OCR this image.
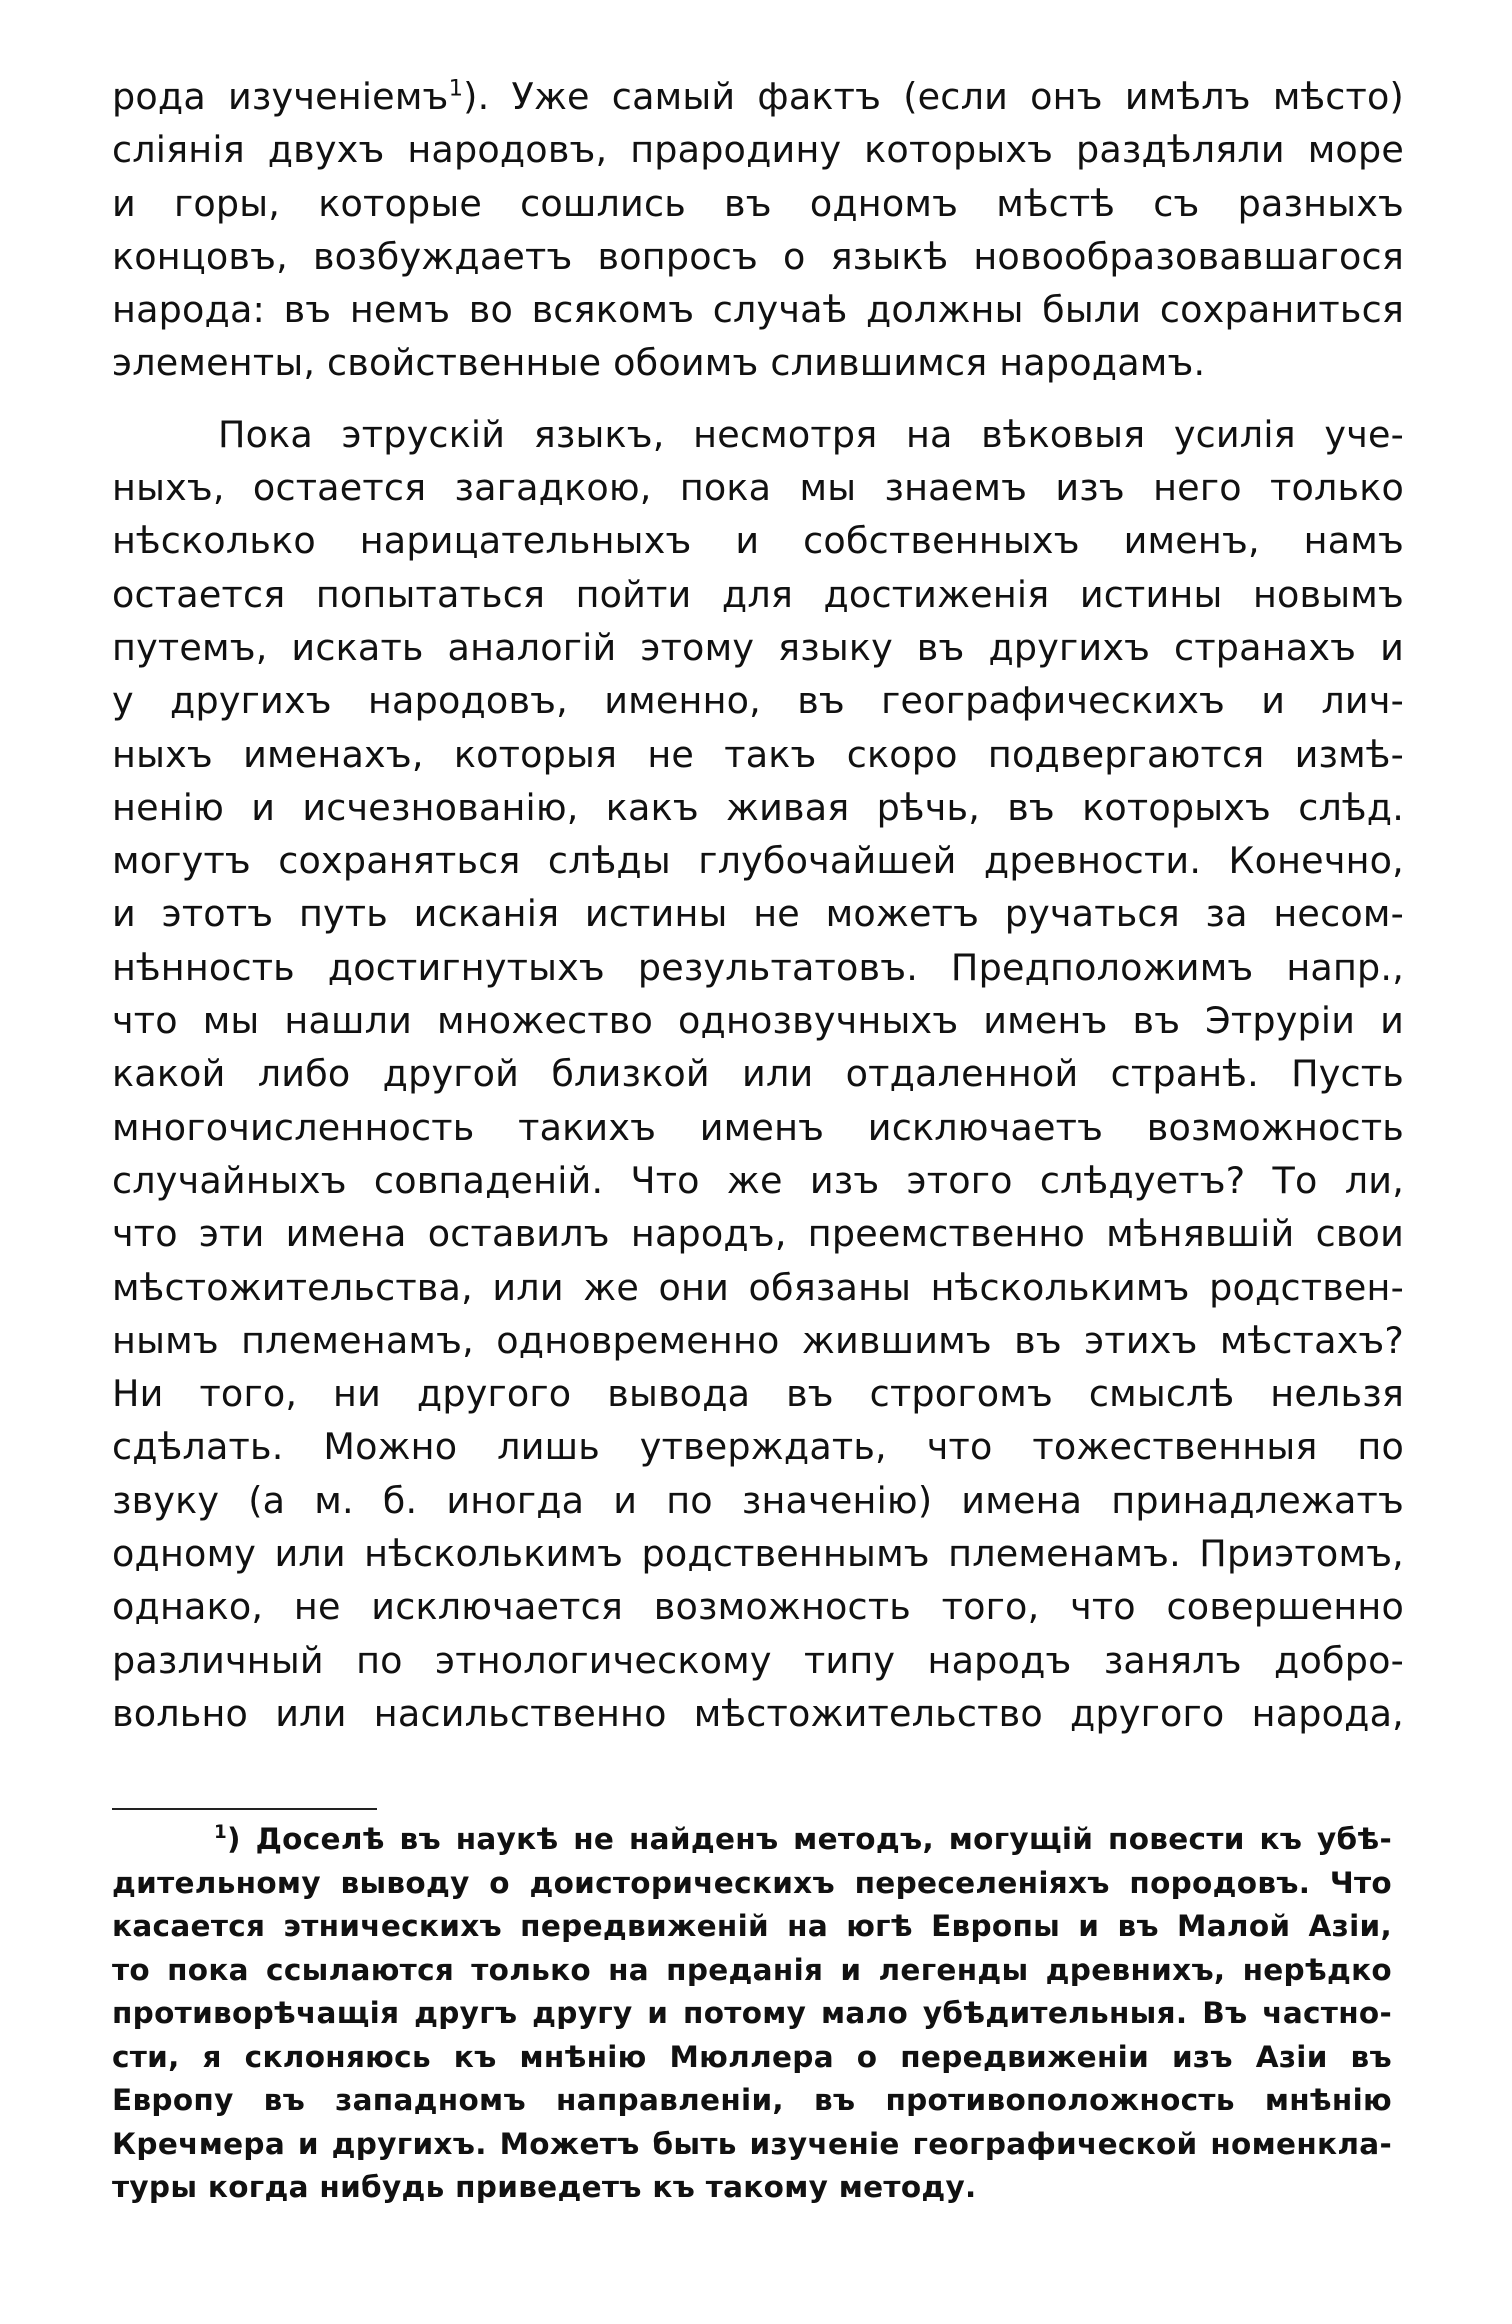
рода изученіемъ$^1$). Уже самый фактъ (если онъ имѣлъ мѣсто)
сліянія двухъ народовъ, прародину которыхъ раздѣляли море
и горы, которые сошлись въ одномъ мѣстѣ съ разныхъ
концовъ, возбуждаетъ вопросъ о языкѣ новообразовавшагося
народа: въ немъ во всякомъ случаѣ должны были сохраниться
элементы, свойственные обоимъ слившимся народамъ.
Пока этрускій языкъ, несмотря на вѣковыя усилія уче-
ныхъ, остается загадкою, пока мы знаемъ изъ него только
нѣсколько нарицательныхъ и собственныхъ именъ, намъ
остается попытаться пойти для достиженія истины новымъ
путемъ, искать аналогій этому языку въ другихъ странахъ и
у другихъ народовъ, именно, въ географическихъ и лич-
ныхъ именахъ, которыя не такъ скоро подвергаются измѣ-
ненію и исчезнованію, какъ живая рѣчь, въ которыхъ слѣд.
могутъ сохраняться слѣды глубочайшей древности. Конечно,
и этотъ путь исканія истины не можетъ ручаться за несом-
нѣнность достигнутыхъ результатовъ. Предположимъ напр.,
что мы нашли множество однозвучныхъ именъ въ Этруріи и
какой либо другой близкой или отдаленной странѣ. Пусть
многочисленность такихъ именъ исключаетъ возможность
случайныхъ совпаденій. Что же изъ этого слѣдуетъ? То ли,
что эти имена оставилъ народъ, преемственно мѣнявшій свои
мѣстожительства, или же они обязаны нѣсколькимъ родствен-
нымъ племенамъ, одновременно жившимъ въ этихъ мѣстахъ?
Ни того, ни другого вывода въ строгомъ смыслѣ нельзя
сдѣлать. Можно лишь утверждать, что тожественныя по
звуку (а м. б. иногда и по значенію) имена принадлежатъ
одному или нѣсколькимъ родственнымъ племенамъ. Приэтомъ,
однако, не исключается возможность того, что совершенно
различный по этнологическому типу народъ занялъ добро-
вольно или насильственно мѣстожительство другого народа,
$^1$) Доселѣ въ наукѣ не найденъ методъ, могущій повести къ убѣ-
дительному выводу о доисторическихъ переселеніяхъ породовъ. Что
касается этническихъ передвиженій на югѣ Европы и въ Малой Азіи,
то пока ссылаются только на преданія и легенды древнихъ, нерѣдко
противорѣчащія другъ другу и потому мало убѣдительныя. Въ частно-
сти, я склоняюсь къ мнѣнію Мюллера о передвиженіи изъ Азіи въ
Европу въ западномъ направленіи, въ противоположность мнѣнію
Кречмера и другихъ. Можетъ быть изученіе географической номенкла-
туры когда нибудь приведетъ къ такому методу.
